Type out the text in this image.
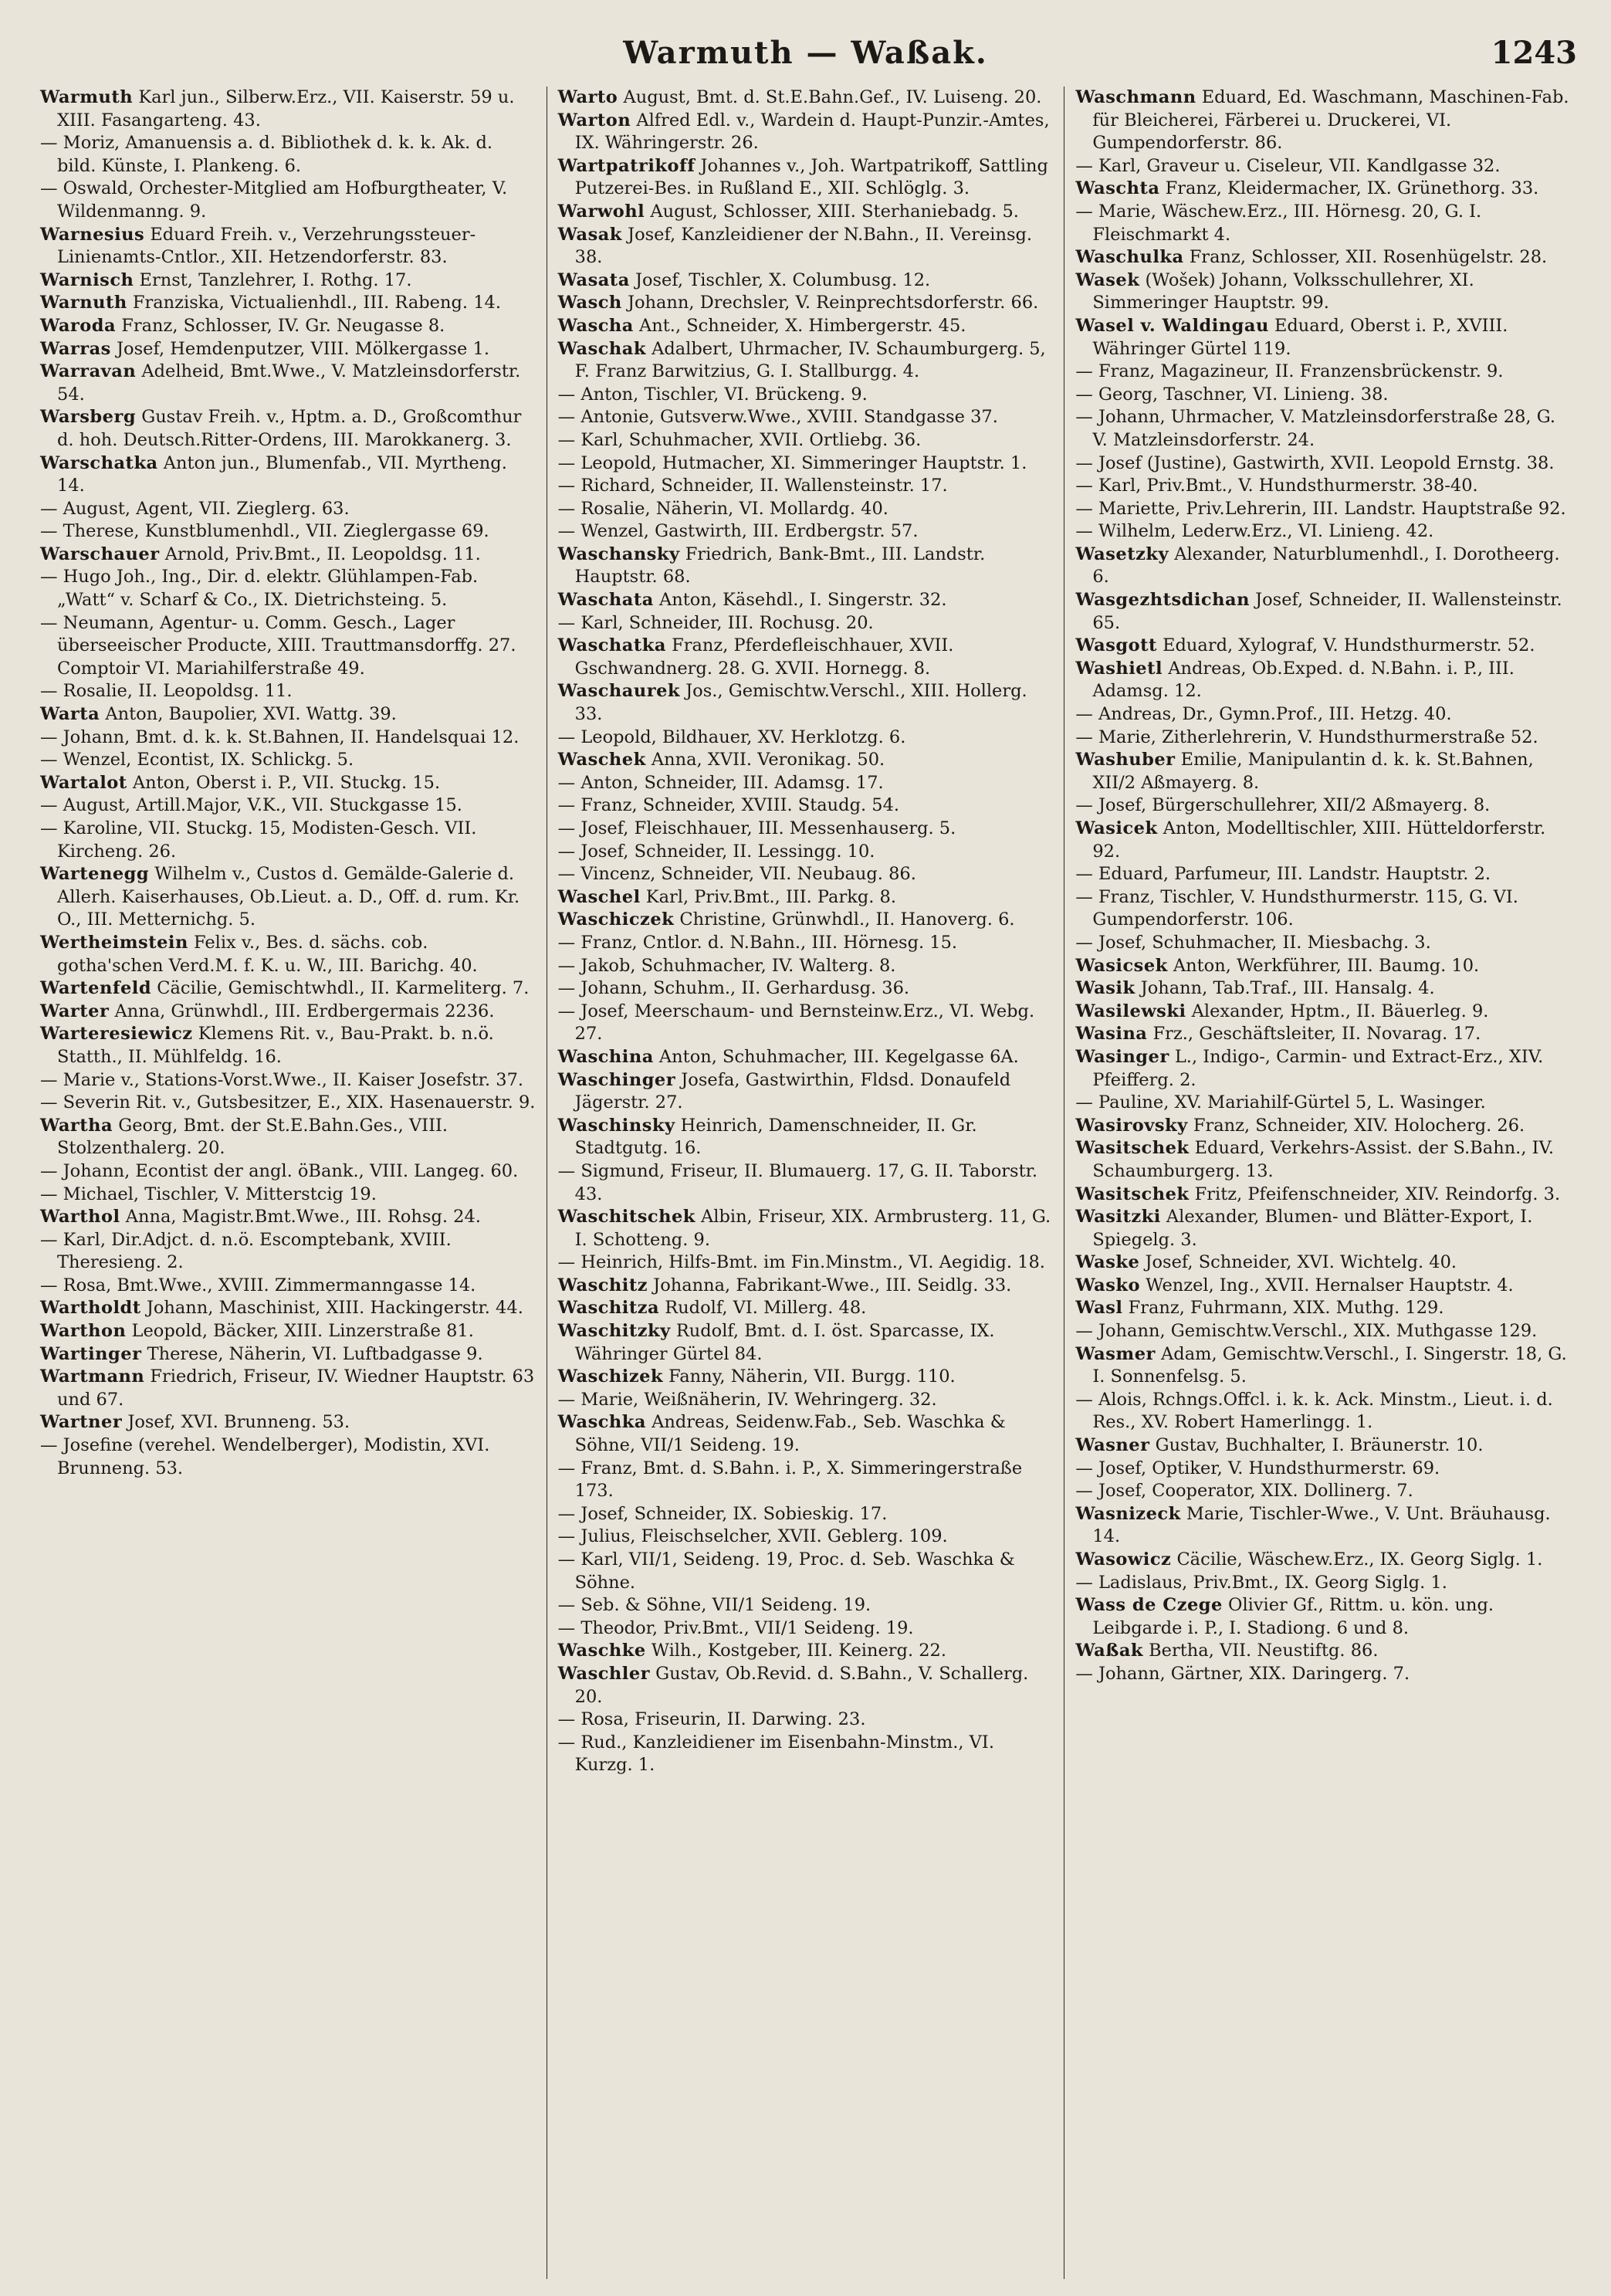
Warmuth — Waßak.	1243

Warmuth Karl jun., Silberw.Erz., VII. Kaiserstr. 59 u. XIII. Fasangarteng. 43.

— Moriz, Amanuensis a. d. Bibliothek d. k. k. Ak. d. bild. Künste, I. Plankeng. 6.

— Oswald, Orchester-Mitglied am Hofburgtheater, V. Wildenmanng. 9.

Warnesius Eduard Freih. v., Verzehrungssteuer-Linienamts-Cntlor., XII. Hetzendorferstr. 83.

Warnisch Ernst, Tanzlehrer, I. Rothg. 17.

Warnuth Franziska, Victualienhdl., III. Rabeng. 14.

Waroda Franz, Schlosser, IV. Gr. Neugasse 8.

Warras Josef, Hemdenputzer, VIII. Mölkergasse 1.

Warravan Adelheid, Bmt.Wwe., V. Matzleinsdorferstr. 54.

Warsberg Gustav Freih. v., Hptm. a. D., Großcomthur d. hoh. Deutsch.Ritter-Ordens, III. Marokkanerg. 3.

Warschatka Anton jun., Blumenfab., VII. Myrtheng. 14.

— August, Agent, VII. Zieglerg. 63.

— Therese, Kunstblumenhdl., VII. Zieglergasse 69.

Warschauer Arnold, Priv.Bmt., II. Leopoldsg. 11.

— Hugo Joh., Ing., Dir. d. elektr. Glühlampen-Fab. „Watt“ v. Scharf & Co., IX. Dietrichsteing. 5.

— Neumann, Agentur- u. Comm. Gesch., Lager überseeischer Producte, XIII. Trauttmansdorffg. 27. Comptoir VI. Mariahilferstraße 49.

— Rosalie, II. Leopoldsg. 11.

Warta Anton, Baupolier, XVI. Wattg. 39.

— Johann, Bmt. d. k. k. St.Bahnen, II. Handelsquai 12.

— Wenzel, Econtist, IX. Schlickg. 5.

Wartalot Anton, Oberst i. P., VII. Stuckg. 15.

— August, Artill.Major, V.K., VII. Stuckgasse 15.

— Karoline, VII. Stuckg. 15, Modisten-Gesch. VII. Kircheng. 26.

Wartenegg Wilhelm v., Custos d. Gemälde-Galerie d. Allerh. Kaiserhauses, Ob.Lieut. a. D., Off. d. rum. Kr. O., III. Metternichg. 5.

Wertheimstein Felix v., Bes. d. sächs. cob. gotha'schen Verd.M. f. K. u. W., III. Barichg. 40.

Wartenfeld Cäcilie, Gemischtwhdl., II. Karmeliterg. 7.

Warter Anna, Grünwhdl., III. Erdbergermais 2236.

Warteresiewicz Klemens Rit. v., Bau-Prakt. b. n.ö. Statth., II. Mühlfeldg. 16.

— Marie v., Stations-Vorst.Wwe., II. Kaiser Josefstr. 37.

— Severin Rit. v., Gutsbesitzer, E., XIX. Hasenauerstr. 9.

Wartha Georg, Bmt. der St.E.Bahn.Ges., VIII. Stolzenthalerg. 20.

— Johann, Econtist der angl. öBank., VIII. Langeg. 60.

— Michael, Tischler, V. Mitterstcig 19.

Warthol Anna, Magistr.Bmt.Wwe., III. Rohsg. 24.

— Karl, Dir.Adjct. d. n.ö. Escomptebank, XVIII. Theresieng. 2.

— Rosa, Bmt.Wwe., XVIII. Zimmermanngasse 14.

Wartholdt Johann, Maschinist, XIII. Hackingerstr. 44.

Warthon Leopold, Bäcker, XIII. Linzerstraße 81.

Wartinger Therese, Näherin, VI. Luftbadgasse 9.

Wartmann Friedrich, Friseur, IV. Wiedner Hauptstr. 63 und 67.

Wartner Josef, XVI. Brunneng. 53.

— Josefine (verehel. Wendelberger), Modistin, XVI. Brunneng. 53.

Warto August, Bmt. d. St.E.Bahn.Gef., IV. Luiseng. 20.

Warton Alfred Edl. v., Wardein d. Haupt-Punzir.-Amtes, IX. Währingerstr. 26.

Wartpatrikoff Johannes v., Joh. Wartpatrikoff, Sattling Putzerei-Bes. in Rußland E., XII. Schlöglg. 3.

Warwohl August, Schlosser, XIII. Sterhaniebadg. 5.

Wasak Josef, Kanzleidiener der N.Bahn., II. Vereinsg. 38.

Wasata Josef, Tischler, X. Columbusg. 12.

Wasch Johann, Drechsler, V. Reinprechtsdorferstr. 66.

Wascha Ant., Schneider, X. Himbergerstr. 45.

Waschak Adalbert, Uhrmacher, IV. Schaumburgerg. 5, F. Franz Barwitzius, G. I. Stallburgg. 4.

— Anton, Tischler, VI. Brückeng. 9.

— Antonie, Gutsverw.Wwe., XVIII. Standgasse 37.

— Karl, Schuhmacher, XVII. Ortliebg. 36.

— Leopold, Hutmacher, XI. Simmeringer Hauptstr. 1.

— Richard, Schneider, II. Wallensteinstr. 17.

— Rosalie, Näherin, VI. Mollardg. 40.

— Wenzel, Gastwirth, III. Erdbergstr. 57.

Waschansky Friedrich, Bank-Bmt., III. Landstr. Hauptstr. 68.

Waschata Anton, Käsehdl., I. Singerstr. 32.

— Karl, Schneider, III. Rochusg. 20.

Waschatka Franz, Pferdefleischhauer, XVII. Gschwandnerg. 28. G. XVII. Hornegg. 8.

Waschaurek Jos., Gemischtw.Verschl., XIII. Hollerg. 33.

— Leopold, Bildhauer, XV. Herklotzg. 6.

Waschek Anna, XVII. Veronikag. 50.

— Anton, Schneider, III. Adamsg. 17.

— Franz, Schneider, XVIII. Staudg. 54.

— Josef, Fleischhauer, III. Messenhauserg. 5.

— Josef, Schneider, II. Lessingg. 10.

— Vincenz, Schneider, VII. Neubaug. 86.

Waschel Karl, Priv.Bmt., III. Parkg. 8.

Waschiczek Christine, Grünwhdl., II. Hanoverg. 6.

— Franz, Cntlor. d. N.Bahn., III. Hörnesg. 15.

— Jakob, Schuhmacher, IV. Walterg. 8.

— Johann, Schuhm., II. Gerhardusg. 36.

— Josef, Meerschaum- und Bernsteinw.Erz., VI. Webg. 27.

Waschina Anton, Schuhmacher, III. Kegelgasse 6A.

Waschinger Josefa, Gastwirthin, Fldsd. Donaufeld Jägerstr. 27.

Waschinsky Heinrich, Damenschneider, II. Gr. Stadtgutg. 16.

— Sigmund, Friseur, II. Blumauerg. 17, G. II. Taborstr. 43.

Waschitschek Albin, Friseur, XIX. Armbrusterg. 11, G. I. Schotteng. 9.

— Heinrich, Hilfs-Bmt. im Fin.Minstm., VI. Aegidig. 18.

Waschitz Johanna, Fabrikant-Wwe., III. Seidlg. 33.

Waschitza Rudolf, VI. Millerg. 48.

Waschitzky Rudolf, Bmt. d. I. öst. Sparcasse, IX. Währinger Gürtel 84.

Waschizek Fanny, Näherin, VII. Burgg. 110.

— Marie, Weißnäherin, IV. Wehringerg. 32.

Waschka Andreas, Seidenw.Fab., Seb. Waschka & Söhne, VII/1 Seideng. 19.

— Franz, Bmt. d. S.Bahn. i. P., X. Simmeringerstraße 173.

— Josef, Schneider, IX. Sobieskig. 17.

— Julius, Fleischselcher, XVII. Geblerg. 109.

— Karl, VII/1, Seideng. 19, Proc. d. Seb. Waschka & Söhne.

— Seb. & Söhne, VII/1 Seideng. 19.

— Theodor, Priv.Bmt., VII/1 Seideng. 19.

Waschke Wilh., Kostgeber, III. Keinerg. 22.

Waschler Gustav, Ob.Revid. d. S.Bahn., V. Schallerg. 20.

— Rosa, Friseurin, II. Darwing. 23.

— Rud., Kanzleidiener im Eisenbahn-Minstm., VI. Kurzg. 1.

Waschmann Eduard, Ed. Waschmann, Maschinen-Fab. für Bleicherei, Färberei u. Druckerei, VI. Gumpendorferstr. 86.

— Karl, Graveur u. Ciseleur, VII. Kandlgasse 32.

Waschta Franz, Kleidermacher, IX. Grünethorg. 33.

— Marie, Wäschew.Erz., III. Hörnesg. 20, G. I. Fleischmarkt 4.

Waschulka Franz, Schlosser, XII. Rosenhügelstr. 28.

Wasek (Wošek) Johann, Volksschullehrer, XI. Simmeringer Hauptstr. 99.

Wasel v. Waldingau Eduard, Oberst i. P., XVIII. Währinger Gürtel 119.

— Franz, Magazineur, II. Franzensbrückenstr. 9.

— Georg, Taschner, VI. Linieng. 38.

— Johann, Uhrmacher, V. Matzleinsdorferstraße 28, G. V. Matzleinsdorferstr. 24.

— Josef (Justine), Gastwirth, XVII. Leopold Ernstg. 38.

— Karl, Priv.Bmt., V. Hundsthurmerstr. 38-40.

— Mariette, Priv.Lehrerin, III. Landstr. Hauptstraße 92.

— Wilhelm, Lederw.Erz., VI. Linieng. 42.

Wasetzky Alexander, Naturblumenhdl., I. Dorotheerg. 6.

Wasgezhtsdichan Josef, Schneider, II. Wallensteinstr. 65.

Wasgott Eduard, Xylograf, V. Hundsthurmerstr. 52.

Washietl Andreas, Ob.Exped. d. N.Bahn. i. P., III. Adamsg. 12.

— Andreas, Dr., Gymn.Prof., III. Hetzg. 40.

— Marie, Zitherlehrerin, V. Hundsthurmerstraße 52.

Washuber Emilie, Manipulantin d. k. k. St.Bahnen, XII/2 Aßmayerg. 8.

— Josef, Bürgerschullehrer, XII/2 Aßmayerg. 8.

Wasicek Anton, Modelltischler, XIII. Hütteldorferstr. 92.

— Eduard, Parfumeur, III. Landstr. Hauptstr. 2.

— Franz, Tischler, V. Hundsthurmerstr. 115, G. VI. Gumpendorferstr. 106.

— Josef, Schuhmacher, II. Miesbachg. 3.

Wasicsek Anton, Werkführer, III. Baumg. 10.

Wasik Johann, Tab.Traf., III. Hansalg. 4.

Wasilewski Alexander, Hptm., II. Bäuerleg. 9.

Wasina Frz., Geschäftsleiter, II. Novarag. 17.

Wasinger L., Indigo-, Carmin- und Extract-Erz., XIV. Pfeifferg. 2.

— Pauline, XV. Mariahilf-Gürtel 5, L. Wasinger.

Wasirovsky Franz, Schneider, XIV. Holocherg. 26.

Wasitschek Eduard, Verkehrs-Assist. der S.Bahn., IV. Schaumburgerg. 13.

Wasitschek Fritz, Pfeifenschneider, XIV. Reindorfg. 3.

Wasitzki Alexander, Blumen- und Blätter-Export, I. Spiegelg. 3.

Waske Josef, Schneider, XVI. Wichtelg. 40.

Wasko Wenzel, Ing., XVII. Hernalser Hauptstr. 4.

Wasl Franz, Fuhrmann, XIX. Muthg. 129.

— Johann, Gemischtw.Verschl., XIX. Muthgasse 129.

Wasmer Adam, Gemischtw.Verschl., I. Singerstr. 18, G. I. Sonnenfelsg. 5.

— Alois, Rchngs.Offcl. i. k. k. Ack. Minstm., Lieut. i. d. Res., XV. Robert Hamerlingg. 1.

Wasner Gustav, Buchhalter, I. Bräunerstr. 10.

— Josef, Optiker, V. Hundsthurmerstr. 69.

— Josef, Cooperator, XIX. Dollinerg. 7.

Wasnizeck Marie, Tischler-Wwe., V. Unt. Bräuhausg. 14.

Wasowicz Cäcilie, Wäschew.Erz., IX. Georg Siglg. 1.

— Ladislaus, Priv.Bmt., IX. Georg Siglg. 1.

Wass de Czege Olivier Gf., Rittm. u. kön. ung. Leibgarde i. P., I. Stadiong. 6 und 8.

Waßak Bertha, VII. Neustiftg. 86.

— Johann, Gärtner, XIX. Daringerg. 7.
